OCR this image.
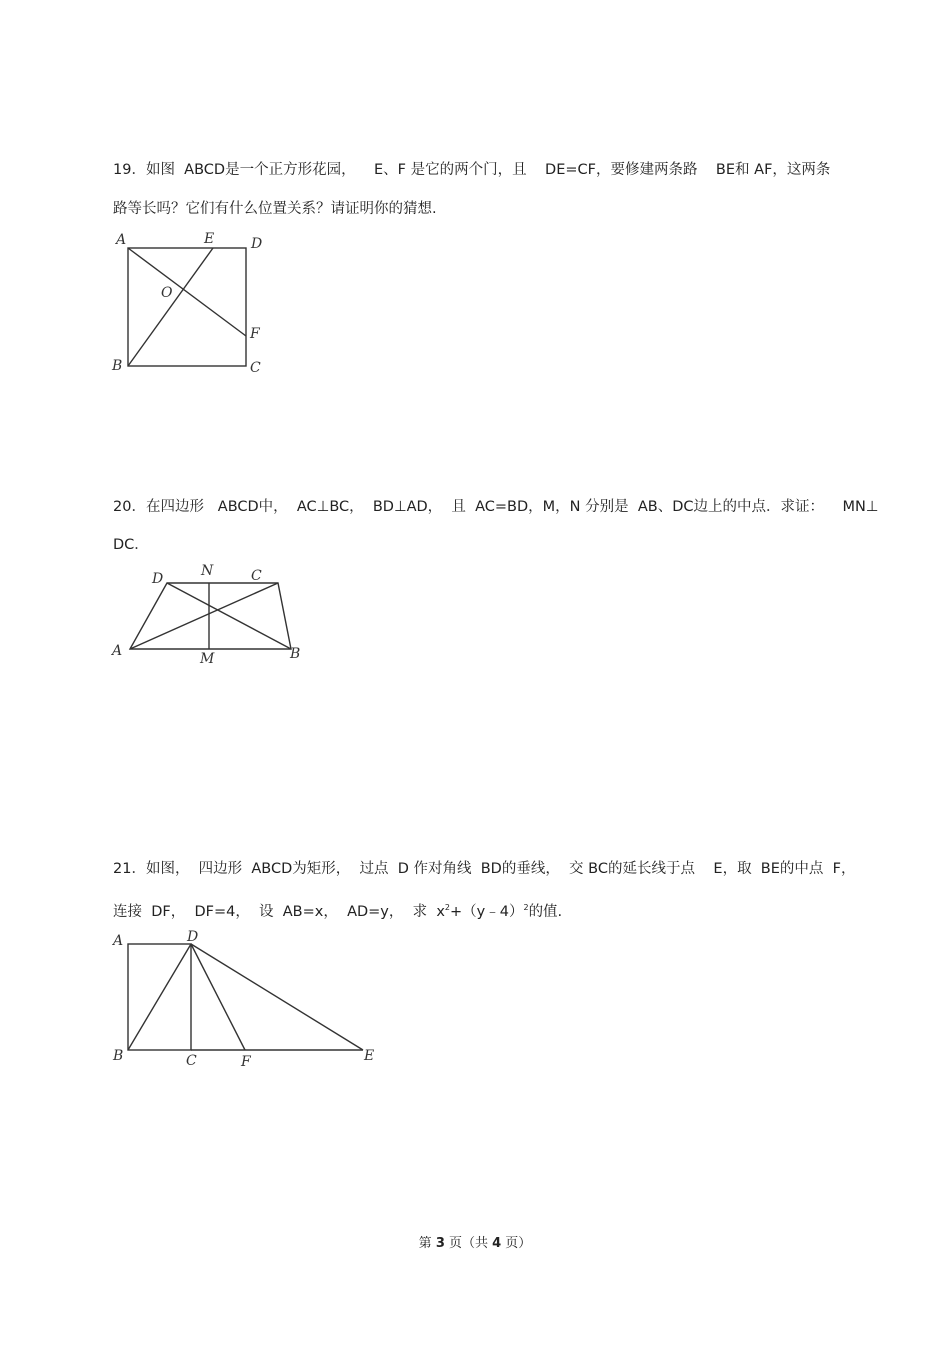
19．如图  ABCD是一个正方形花园，    E、F 是它的两个门，且    DE=CF，要修建两条路    BE和 AF，这两条
路等长吗？它们有什么位置关系？请证明你的猜想.
A	E	D
O
F
B	C
20．在四边形   ABCD中，  AC⊥BC，  BD⊥AD，  且  AC=BD，M，N 分别是  AB、DC边上的中点．求证：    MN⊥
DC．
D	N	C
A	M	B
21．如图，  四边形  ABCD为矩形，  过点  D 作对角线  BD的垂线，  交 BC的延长线于点    E，取  BE的中点  F，
连接  DF，  DF=4，  设  AB=x，  AD=y，  求  $x^2+(y﹣4)^2$的值.
A	D
B	C	F	E
第 3 页（共 4 页）
